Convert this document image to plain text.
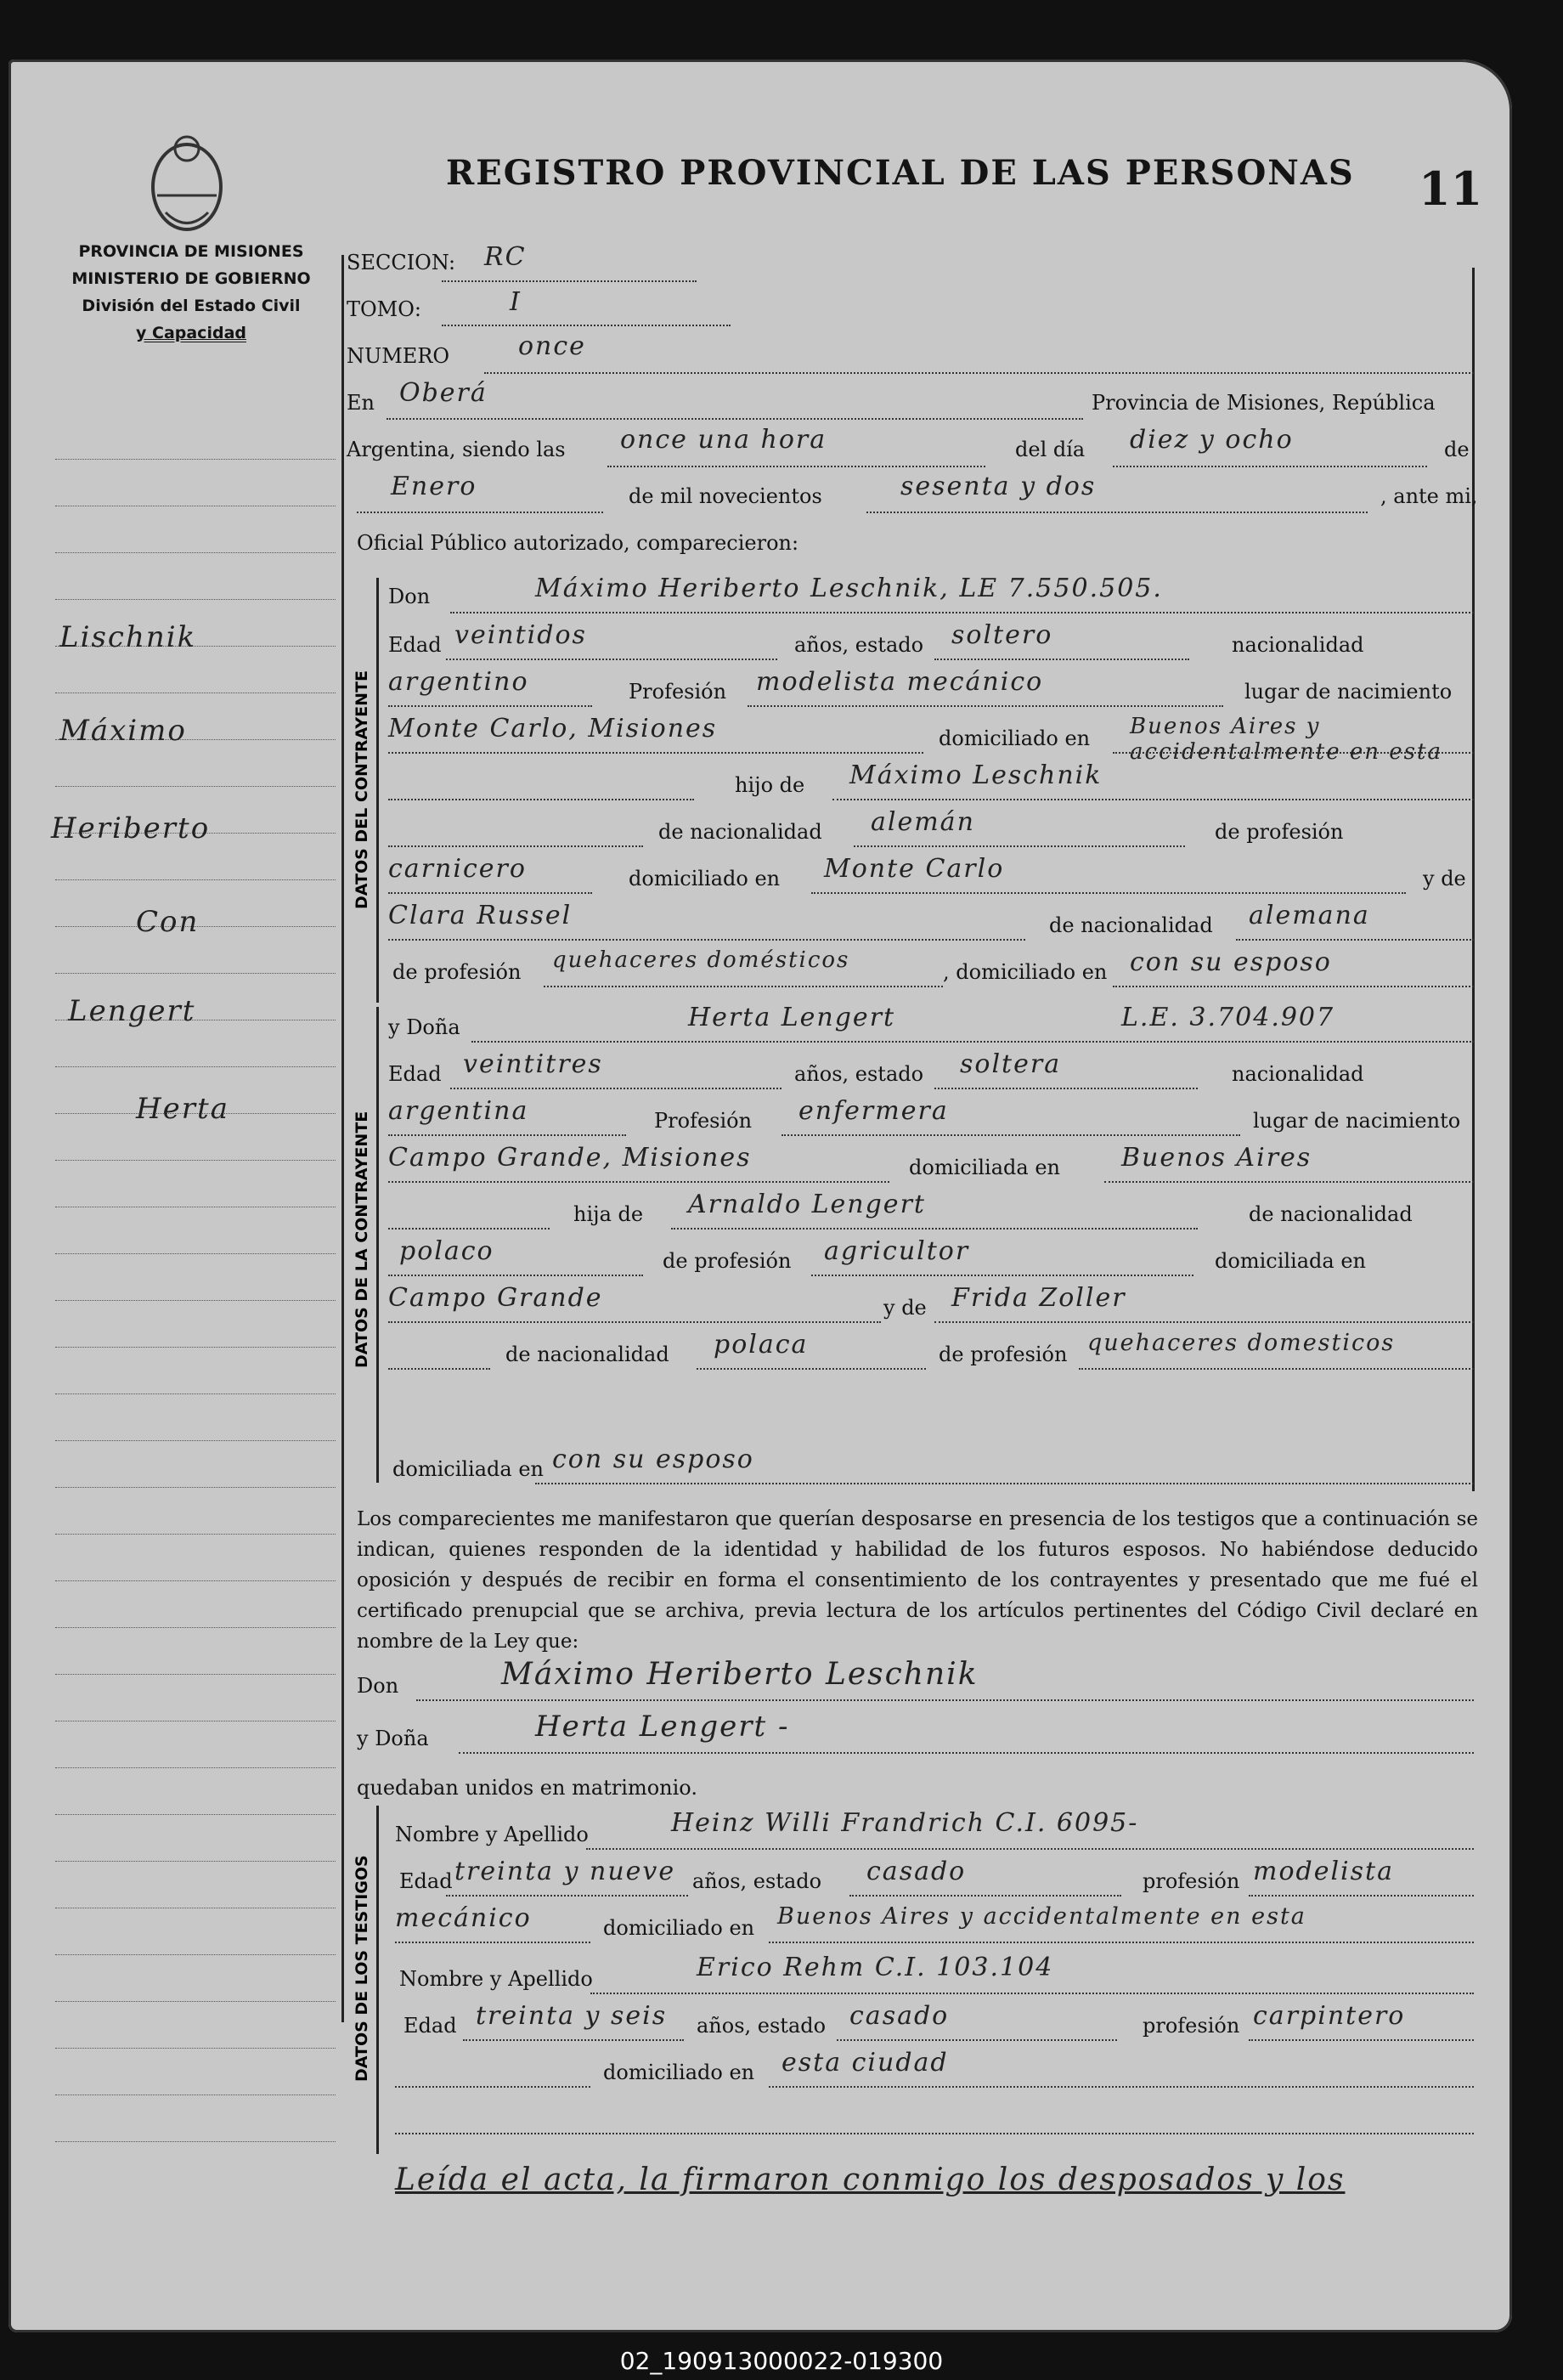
REGISTRO PROVINCIAL DE LAS PERSONAS 11
PROVINCIA DE MISIONES
MINISTERIO DE GOBIERNO
División del Estado Civil
y Capacidad
Lischnik
Máximo
Heriberto
Con
Lengert
Herta
SECCION: RC
TOMO:	I
NUMERO	once
En Oberá	Provincia de Misiones, República
Argentina, siendo las once una hora	del día diez y ocho	de
Enero	de mil novecientos	sesenta y dos	, ante mi,
Oficial Público autorizado, comparecieron:
DATOS DEL CONTRAYENTE
Don	Máximo Heriberto Leschnik, LE 7.550.505.
Edad veintidos	años, estado soltero	nacionalidad
argentino	Profesión modelista mecánico	lugar de nacimiento
Monte Carlo, Misiones	domiciliado en Buenos Aires y accidentalmente en esta
hijo de Máximo Leschnik
de nacionalidad alemán	de profesión
carnicero	domiciliado en Monte Carlo	y de
Clara Russel	de nacionalidad alemana
de profesión quehaceres domésticos	, domiciliado en con su esposo
DATOS DE LA CONTRAYENTE
y Doña	Herta Lengert	L.E. 3.704.907
Edad veintitres	años, estado soltera	nacionalidad
argentina	Profesión enfermera	lugar de nacimiento
Campo Grande, Misiones	domiciliada en Buenos Aires
hija de Arnaldo Lengert	de nacionalidad
polaco	de profesión agricultor	domiciliada en
Campo Grande	y de Frida Zoller
de nacionalidad polaca	de profesión quehaceres domesticos
domiciliada en con su esposo
Los comparecientes me manifestaron que querían desposarse en presencia de los testigos que a continuación se indican, quienes responden de la identidad y habilidad de los futuros esposos. No habiéndose deducido oposición y después de recibir en forma el consentimiento de los contrayentes y presentado que me fué el certificado prenupcial que se archiva, previa lectura de los artículos pertinentes del Código Civil declaré en nombre de la Ley que:
Don	Máximo Heriberto Leschnik
y Doña	Herta Lengert -
quedaban unidos en matrimonio.
DATOS DE LOS TESTIGOS
Nombre y Apellido	Heinz Willi Frandrich C.I. 6095-
Edad treinta y nueve años, estado casado	profesión modelista
mecánico	domiciliado en Buenos Aires y accidentalmente en esta
Nombre y Apellido	Erico Rehm C.I. 103.104
Edad treinta y seis años, estado casado	profesión carpintero
domiciliado en esta ciudad
Leída el acta, la firmaron conmigo los desposados y los
02_190913000022-019300
